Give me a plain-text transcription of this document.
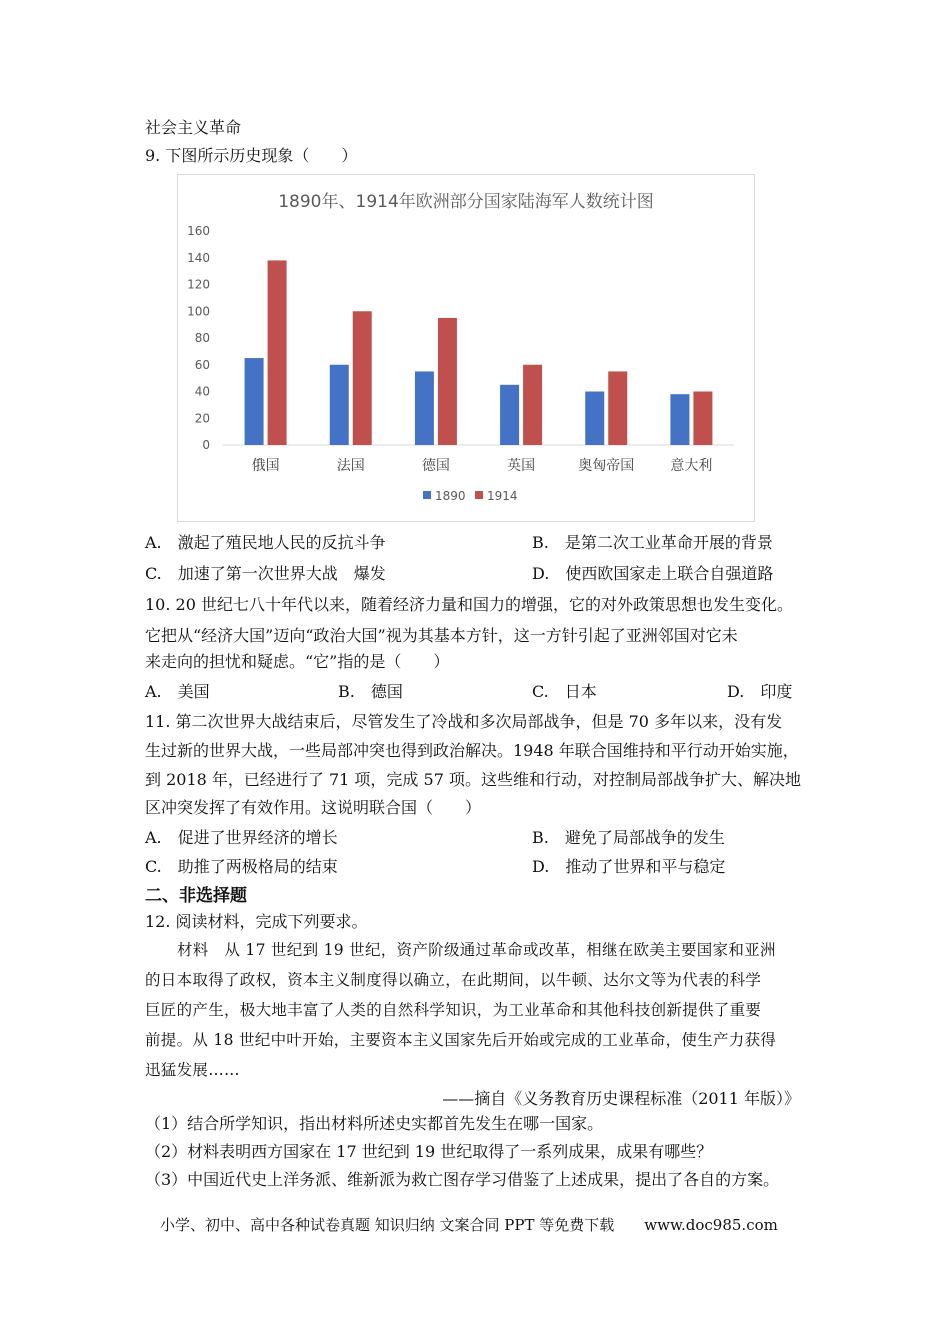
社会主义革命
9. 下图所示历史现象（　　）
1890年、1914年欧洲部分国家陆海军人数统计图
0
20
40
60
80
100
120
140
160
俄国	法国	德国	英国	奥匈帝国	意大利
1890 1914
A.　激起了殖民地人民的反抗斗争	B.　是第二次工业革命开展的背景
C.　加速了第一次世界大战　爆发	D.　使西欧国家走上联合自强道路
10. 20 世纪七八十年代以来，随着经济力量和国力的增强，它的对外政策思想也发生变化。
它把从“经济大国”迈向“政治大国”视为其基本方针，这一方针引起了亚洲邻国对它未
来走向的担忧和疑虑。“它”指的是（　　）
A.　美国	B.　德国	C.　日本	D.　印度
11. 第二次世界大战结束后，尽管发生了冷战和多次局部战争，但是 70 多年以来，没有发
生过新的世界大战，一些局部冲突也得到政治解决。1948 年联合国维持和平行动开始实施，
到 2018 年，已经进行了 71 项，完成 57 项。这些维和行动，对控制局部战争扩大、解决地
区冲突发挥了有效作用。这说明联合国（　　）
A.　促进了世界经济的增长	B.　避免了局部战争的发生
C.　助推了两极格局的结束	D.　推动了世界和平与稳定
二、非选择题
12. 阅读材料，完成下列要求。
材料　从 17 世纪到 19 世纪，资产阶级通过革命或改革，相继在欧美主要国家和亚洲
的日本取得了政权，资本主义制度得以确立，在此期间，以牛顿、达尔文等为代表的科学
巨匠的产生，极大地丰富了人类的自然科学知识，为工业革命和其他科技创新提供了重要
前提。从 18 世纪中叶开始，主要资本主义国家先后开始或完成的工业革命，使生产力获得
迅猛发展……
——摘自《义务教育历史课程标准（2011 年版）》
（1）结合所学知识，指出材料所述史实都首先发生在哪一国家。
（2）材料表明西方国家在 17 世纪到 19 世纪取得了一系列成果，成果有哪些？
（3）中国近代史上洋务派、维新派为救亡图存学习借鉴了上述成果，提出了各自的方案。
小学、初中、高中各种试卷真题 知识归纳 文案合同 PPT 等免费下载　　www.doc985.com
